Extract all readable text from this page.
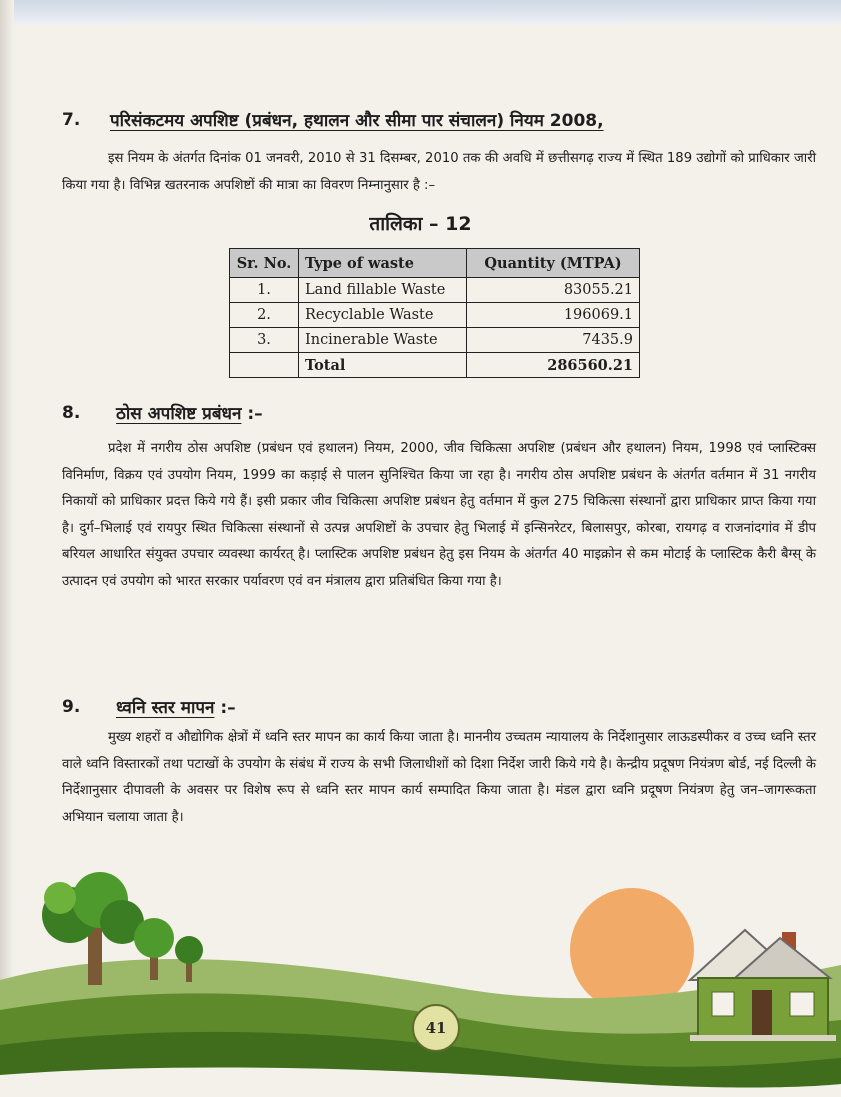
7. परिसंकटमय अपशिष्ट (प्रबंधन, हथालन और सीमा पार संचालन) नियम 2008,
इस नियम के अंतर्गत दिनांक 01 जनवरी, 2010 से 31 दिसम्बर, 2010 तक की अवधि में छत्तीसगढ़ राज्य में स्थित 189 उद्योगों को प्राधिकार जारी किया गया है। विभिन्न खतरनाक अपशिष्टों की मात्रा का विवरण निम्नानुसार है :–
तालिका – 12
Sr. No.	Type of waste	Quantity (MTPA)
1.	Land fillable Waste	83055.21
2.	Recyclable Waste	196069.1
3.	Incinerable Waste	7435.9
	Total	286560.21
8. ठोस अपशिष्ट प्रबंधन :–
प्रदेश में नगरीय ठोस अपशिष्ट (प्रबंधन एवं हथालन) नियम, 2000, जीव चिकित्सा अपशिष्ट (प्रबंधन और हथालन) नियम, 1998 एवं प्लास्टिक्स विनिर्माण, विक्रय एवं उपयोग नियम, 1999 का कड़ाई से पालन सुनिश्चित किया जा रहा है। नगरीय ठोस अपशिष्ट प्रबंधन के अंतर्गत वर्तमान में 31 नगरीय निकायों को प्राधिकार प्रदत्त किये गये हैं। इसी प्रकार जीव चिकित्सा अपशिष्ट प्रबंधन हेतु वर्तमान में कुल 275 चिकित्सा संस्थानों द्वारा प्राधिकार प्राप्त किया गया है। दुर्ग–भिलाई एवं रायपुर स्थित चिकित्सा संस्थानों से उत्पन्न अपशिष्टों के उपचार हेतु भिलाई में इन्सिनरेटर, बिलासपुर, कोरबा, रायगढ़ व राजनांदगांव में डीप बरियल आधारित संयुक्त उपचार व्यवस्था कार्यरत् है। प्लास्टिक अपशिष्ट प्रबंधन हेतु इस नियम के अंतर्गत 40 माइक्रोन से कम मोटाई के प्लास्टिक कैरी बैग्स् के उत्पादन एवं उपयोग को भारत सरकार पर्यावरण एवं वन मंत्रालय द्वारा प्रतिबंधित किया गया है।
9. ध्वनि स्तर मापन :–
मुख्य शहरों व औद्योगिक क्षेत्रों में ध्वनि स्तर मापन का कार्य किया जाता है। माननीय उच्चतम न्यायालय के निर्देशानुसार लाऊडस्पीकर व उच्च ध्वनि स्तर वाले ध्वनि विस्तारकों तथा पटाखों के उपयोग के संबंध में राज्य के सभी जिलाधीशों को दिशा निर्देश जारी किये गये है। केन्द्रीय प्रदूषण नियंत्रण बोर्ड, नई दिल्ली के निर्देशानुसार दीपावली के अवसर पर विशेष रूप से ध्वनि स्तर मापन कार्य सम्पादित किया जाता है। मंडल द्वारा ध्वनि प्रदूषण नियंत्रण हेतु जन–जागरूकता अभियान चलाया जाता है।
41
